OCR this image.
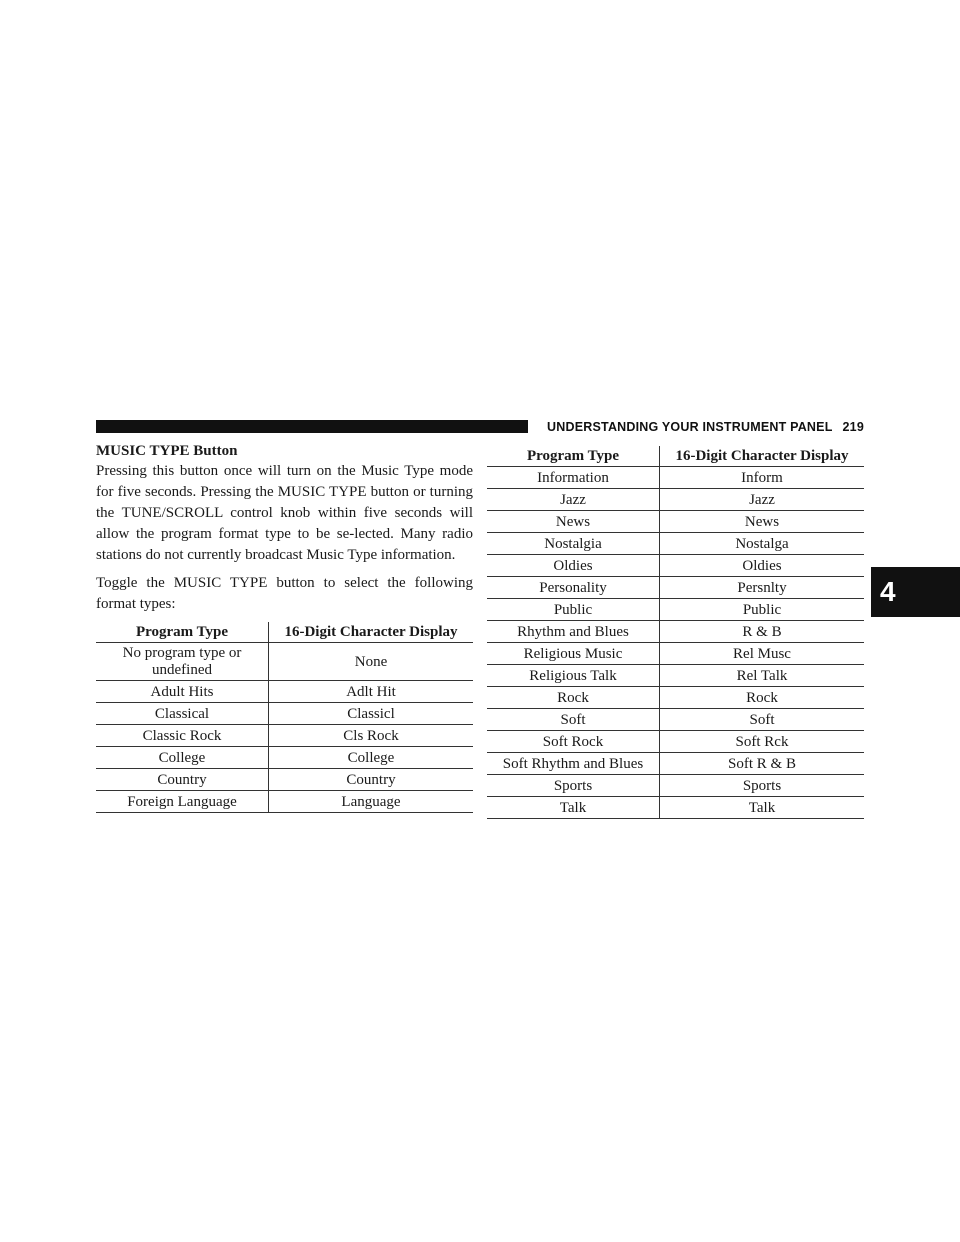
UNDERSTANDING YOUR INSTRUMENT PANEL 219
4

MUSIC TYPE Button

Pressing this button once will turn on the Music Type mode for five seconds. Pressing the MUSIC TYPE button or turning the TUNE/SCROLL control knob within five seconds will allow the program format type to be se-lected. Many radio stations do not currently broadcast Music Type information.

Toggle the MUSIC TYPE button to select the following format types:

Program Type	16-Digit Character Display
No program type or undefined	None
Adult Hits	Adlt Hit
Classical	Classicl
Classic Rock	Cls Rock
College	College
Country	Country
Foreign Language	Language
Program Type	16-Digit Character Display
Information	Inform
Jazz	Jazz
News	News
Nostalgia	Nostalga
Oldies	Oldies
Personality	Persnlty
Public	Public
Rhythm and Blues	R & B
Religious Music	Rel Musc
Religious Talk	Rel Talk
Rock	Rock
Soft	Soft
Soft Rock	Soft Rck
Soft Rhythm and Blues	Soft R & B
Sports	Sports
Talk	Talk
